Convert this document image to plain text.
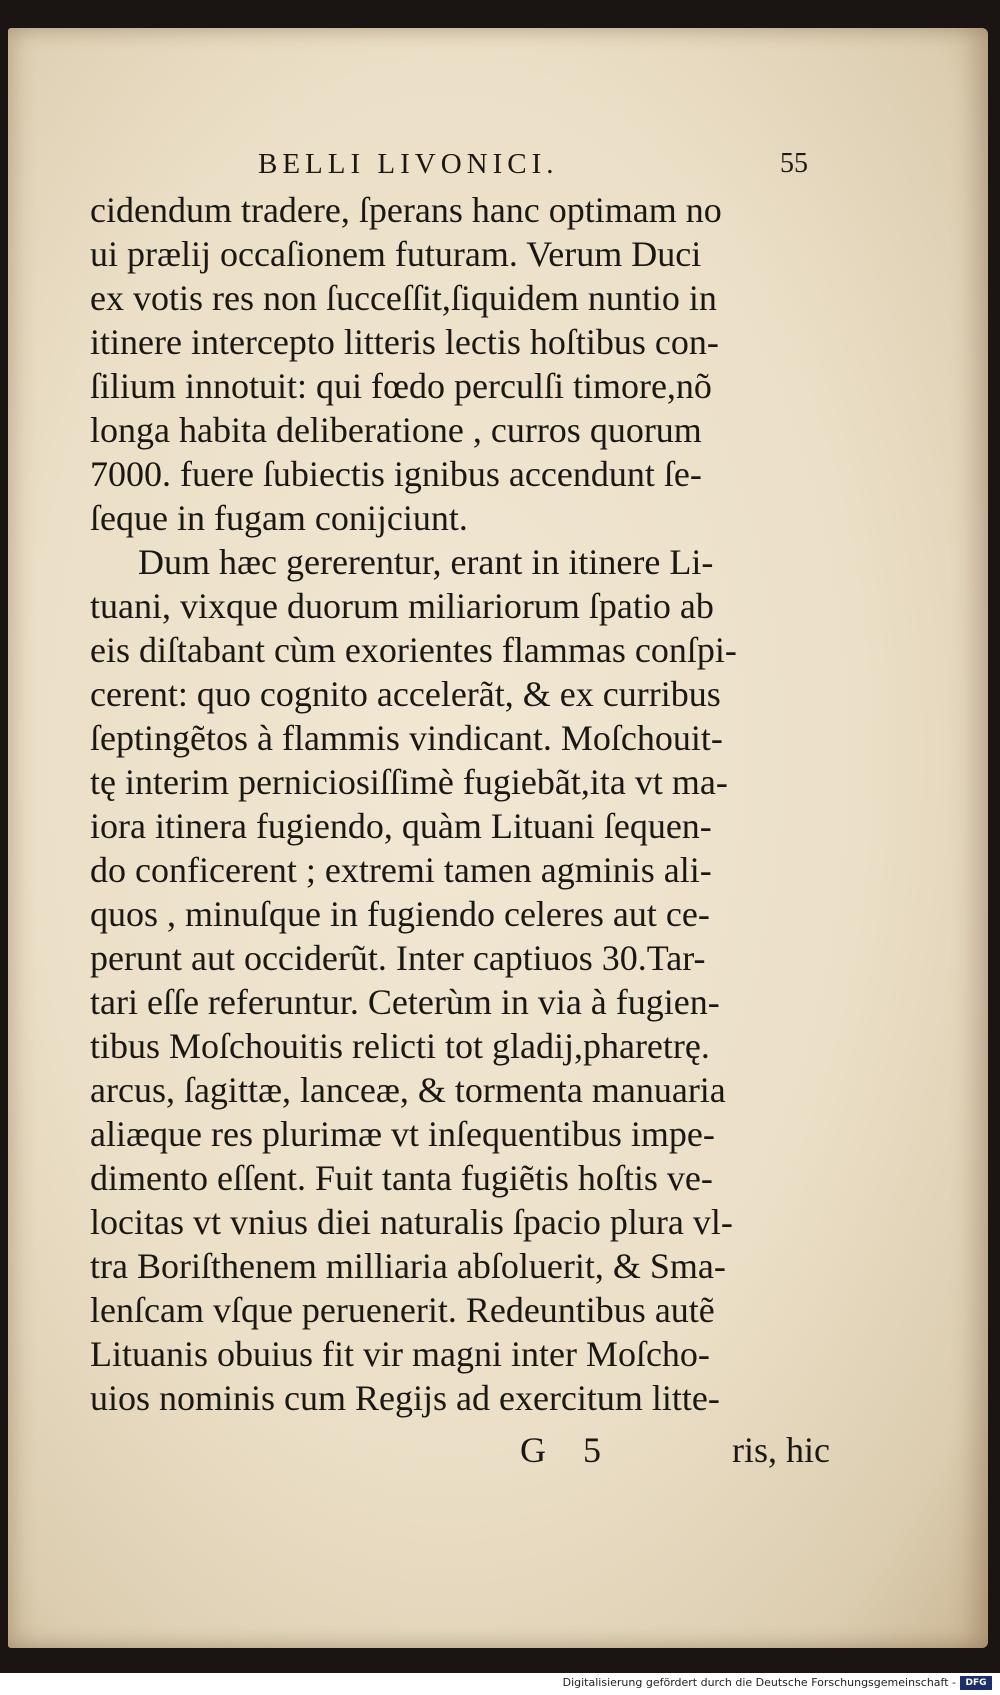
BELLI LIVONICI.	55
cidendum tradere, ſperans hanc optimam no
ui prælij occaſionem futuram. Verum Duci
ex votis res non ſucceſſit,ſiquidem nuntio in
itinere intercepto litteris lectis hoſtibus con-
ſilium innotuit: qui fœdo perculſi timore,nõ
longa habita deliberatione , curros quorum
7000. fuere ſubiectis ignibus accendunt ſe-
ſeque in fugam conijciunt.
Dum hæc gererentur, erant in itinere Li-
tuani, vixque duorum miliariorum ſpatio ab
eis diſtabant cùm exorientes flammas conſpi-
cerent: quo cognito accelerãt, & ex curribus
ſeptingẽtos à flammis vindicant. Moſchouit-
tę interim perniciosiſſimè fugiebãt,ita vt ma-
iora itinera fugiendo, quàm Lituani ſequen-
do conficerent ; extremi tamen agminis ali-
quos , minuſque in fugiendo celeres aut ce-
perunt aut occiderũt. Inter captiuos 30.Tar-
tari eſſe referuntur. Ceterùm in via à fugien-
tibus Moſchouitis relicti tot gladij,pharetrę.
arcus, ſagittæ, lanceæ, & tormenta manuaria
aliæque res plurimæ vt inſequentibus impe-
dimento eſſent. Fuit tanta fugiẽtis hoſtis ve-
locitas vt vnius diei naturalis ſpacio plura vl-
tra Boriſthenem milliaria abſoluerit, & Sma-
lenſcam vſque peruenerit. Redeuntibus autẽ
Lituanis obuius fit vir magni inter Moſcho-
uios nominis cum Regijs ad exercitum litte-
G 5	ris, hic
Digitalisierung gefördert durch die Deutsche Forschungsgemeinschaft -	DFG
